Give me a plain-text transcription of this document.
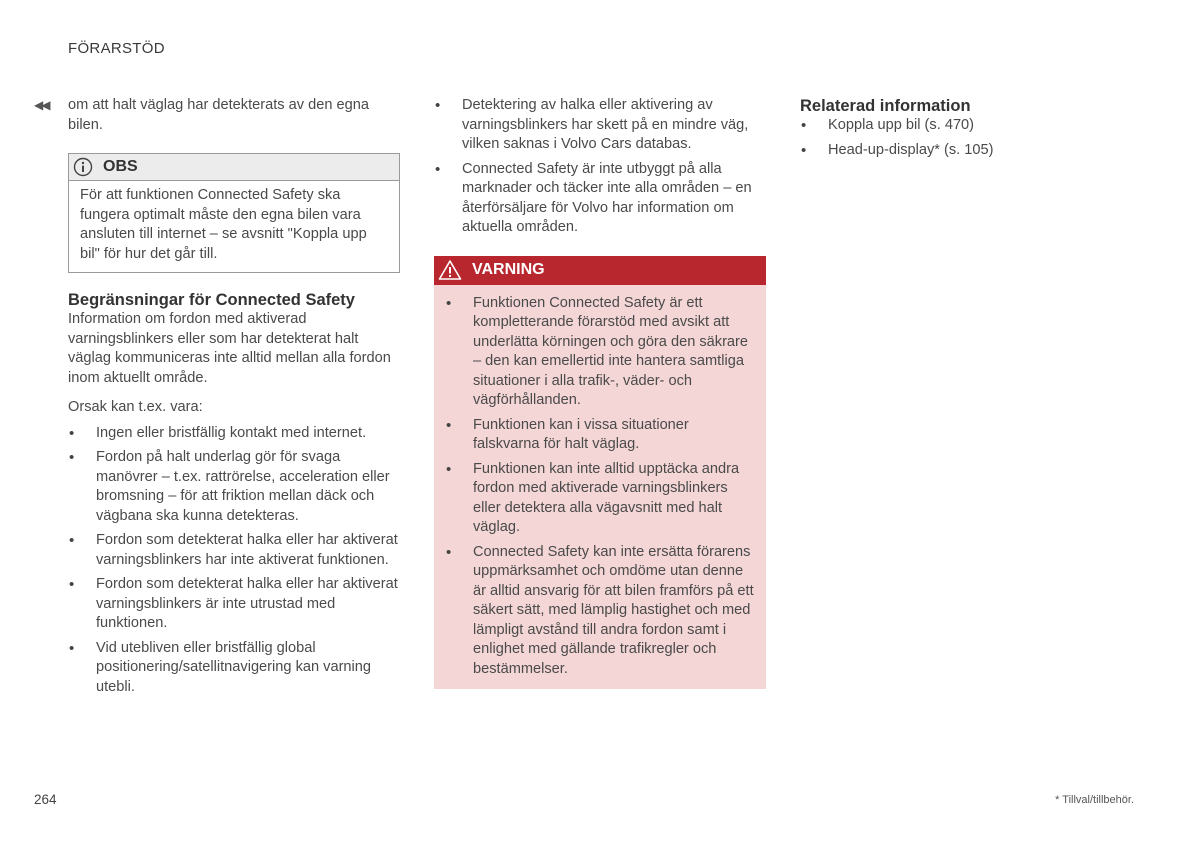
FÖRARSTÖD
◀◀ om att halt väglag har detekterats av den egna bilen.

OBS
För att funktionen Connected Safety ska fungera optimalt måste den egna bilen vara ansluten till internet – se avsnitt "Koppla upp bil" för hur det går till.
Begränsningar för Connected Safety

Information om fordon med aktiverad varningsblinkers eller som har detekterat halt väglag kommuniceras inte alltid mellan alla fordon inom aktuellt område.

Orsak kan t.ex. vara:

• Ingen eller bristfällig kontakt med internet.
• Fordon på halt underlag gör för svaga manövrer – t.ex. rattrörelse, acceleration eller bromsning – för att friktion mellan däck och vägbana ska kunna detekteras.
• Fordon som detekterat halka eller har aktiverat varningsblinkers har inte aktiverat funktionen.
• Fordon som detekterat halka eller har aktiverat varningsblinkers är inte utrustad med funktionen.
• Vid utebliven eller bristfällig global positionering/satellitnavigering kan varning utebli.
• Detektering av halka eller aktivering av varningsblinkers har skett på en mindre väg, vilken saknas i Volvo Cars databas.
• Connected Safety är inte utbyggt på alla marknader och täcker inte alla områden – en återförsäljare för Volvo har information om aktuella områden.
VARNING
• Funktionen Connected Safety är ett kompletterande förarstöd med avsikt att underlätta körningen och göra den säkrare – den kan emellertid inte hantera samtliga situationer i alla trafik-, väder- och vägförhållanden.
• Funktionen kan i vissa situationer falskvarna för halt väglag.
• Funktionen kan inte alltid upptäcka andra fordon med aktiverade varningsblinkers eller detektera alla vägavsnitt med halt väglag.
• Connected Safety kan inte ersätta förarens uppmärksamhet och omdöme utan denne är alltid ansvarig för att bilen framförs på ett säkert sätt, med lämplig hastighet och med lämpligt avstånd till andra fordon samt i enlighet med gällande trafikregler och bestämmelser.
Relaterad information
• Koppla upp bil (s. 470)
• Head-up-display* (s. 105)
264	* Tillval/tillbehör.
